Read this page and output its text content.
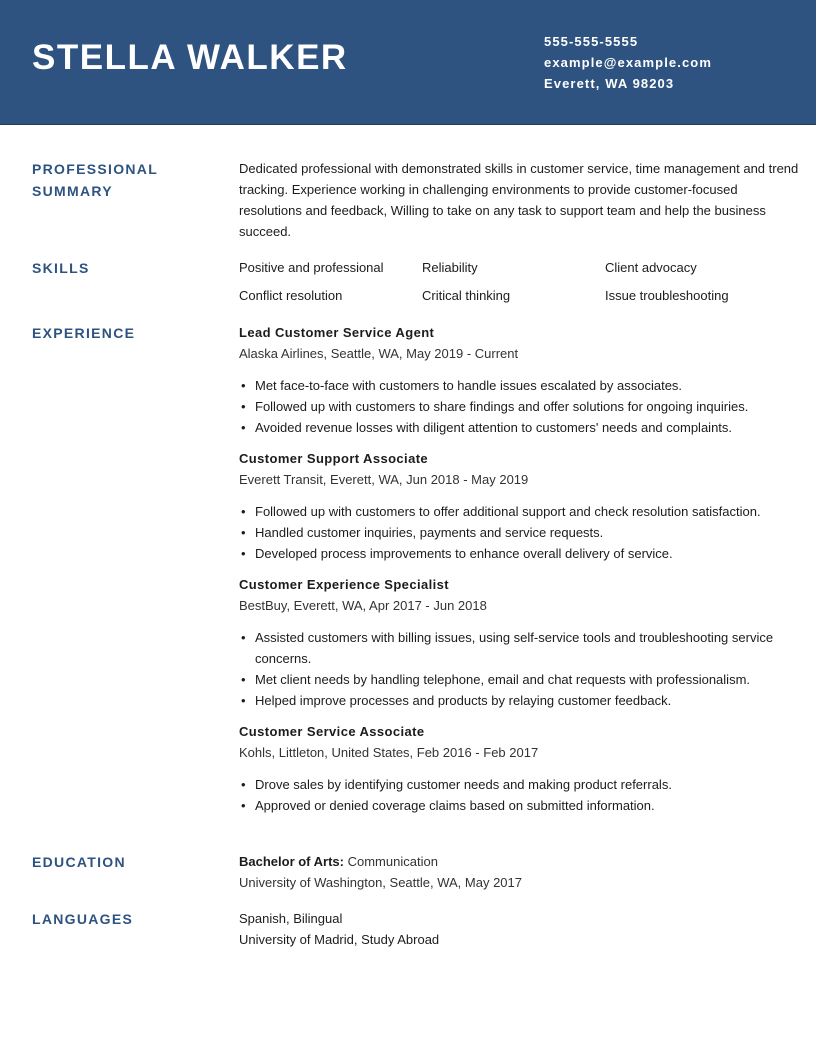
STELLA WALKER	555-555-5555
example@example.com
Everett, WA 98203
PROFESSIONAL
SUMMARY

Dedicated professional with demonstrated skills in customer service, time management and trend tracking. Experience working in challenging environments to provide customer-focused resolutions and feedback, Willing to take on any task to support team and help the business succeed.

SKILLS	Positive and professional	Reliability	Client advocacy
Conflict resolution	Critical thinking	Issue troubleshooting
EXPERIENCE	Lead Customer Service Agent
Alaska Airlines, Seattle, WA, May 2019 - Current
• Met face-to-face with customers to handle issues escalated by associates.
• Followed up with customers to share findings and offer solutions for ongoing inquiries.
• Avoided revenue losses with diligent attention to customers' needs and complaints.
Customer Support Associate
Everett Transit, Everett, WA, Jun 2018 - May 2019
• Followed up with customers to offer additional support and check resolution satisfaction.
• Handled customer inquiries, payments and service requests.
• Developed process improvements to enhance overall delivery of service.
Customer Experience Specialist
BestBuy, Everett, WA, Apr 2017 - Jun 2018
• Assisted customers with billing issues, using self-service tools and troubleshooting service concerns.
• Met client needs by handling telephone, email and chat requests with professionalism.
• Helped improve processes and products by relaying customer feedback.
Customer Service Associate
Kohls, Littleton, United States, Feb 2016 - Feb 2017
• Drove sales by identifying customer needs and making product referrals.
• Approved or denied coverage claims based on submitted information.
EDUCATION	Bachelor of Arts: Communication
University of Washington, Seattle, WA, May 2017
LANGUAGES	Spanish, Bilingual
University of Madrid, Study Abroad
